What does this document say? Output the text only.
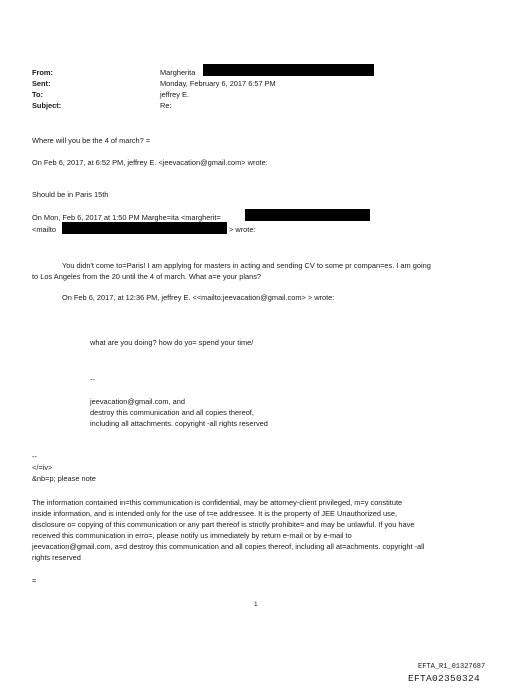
From:
Sent:
To:
Subject:
Margherita
Monday, February 6, 2017 6:57 PM
jeffrey E.
Re:
Where will you be the 4 of march? =
On Feb 6, 2017, at 6:52 PM, jeffrey E. <jeevacation@gmail.com> wrote:
Should be in Paris 15th
On Mon, Feb 6, 2017 at 1:50 PM Marghe=ita <margherit=
<mailto	> wrote:
You didn't come to=Paris! I am applying for masters in acting and sending CV to some pr compan=es. I am going
to Los Angeles from the 20 until the 4 of march. What a=e your plans?
On Feb 6, 2017, at 12:36 PM, jeffrey E. <<mailto:jeevacation@gmail.com> > wrote:
what are you doing? how do yo= spend your time/
--
jeevacation@gmail.com, and
destroy this communication and all copies thereof,
including all attachments. copyright -all rights reserved
--
</=iv>
&nb=p; please note
The information contained in=this communication is confidential, may be attorney-client privileged, m=y constitute
inside information, and is intended only for the use of t=e addressee. It is the property of JEE Unauthorized use,
disclosure o= copying of this communication or any part thereof is strictly prohibite= and may be unlawful. If you have
received this communication in erro=, please notify us immediately by return e-mail or by e-mail to
jeevacation@gmail.com, a=d destroy this communication and all copies thereof, including all at=achments. copyright -all
rights reserved
=
1
EFTA_R1_01327687
EFTA02350324
